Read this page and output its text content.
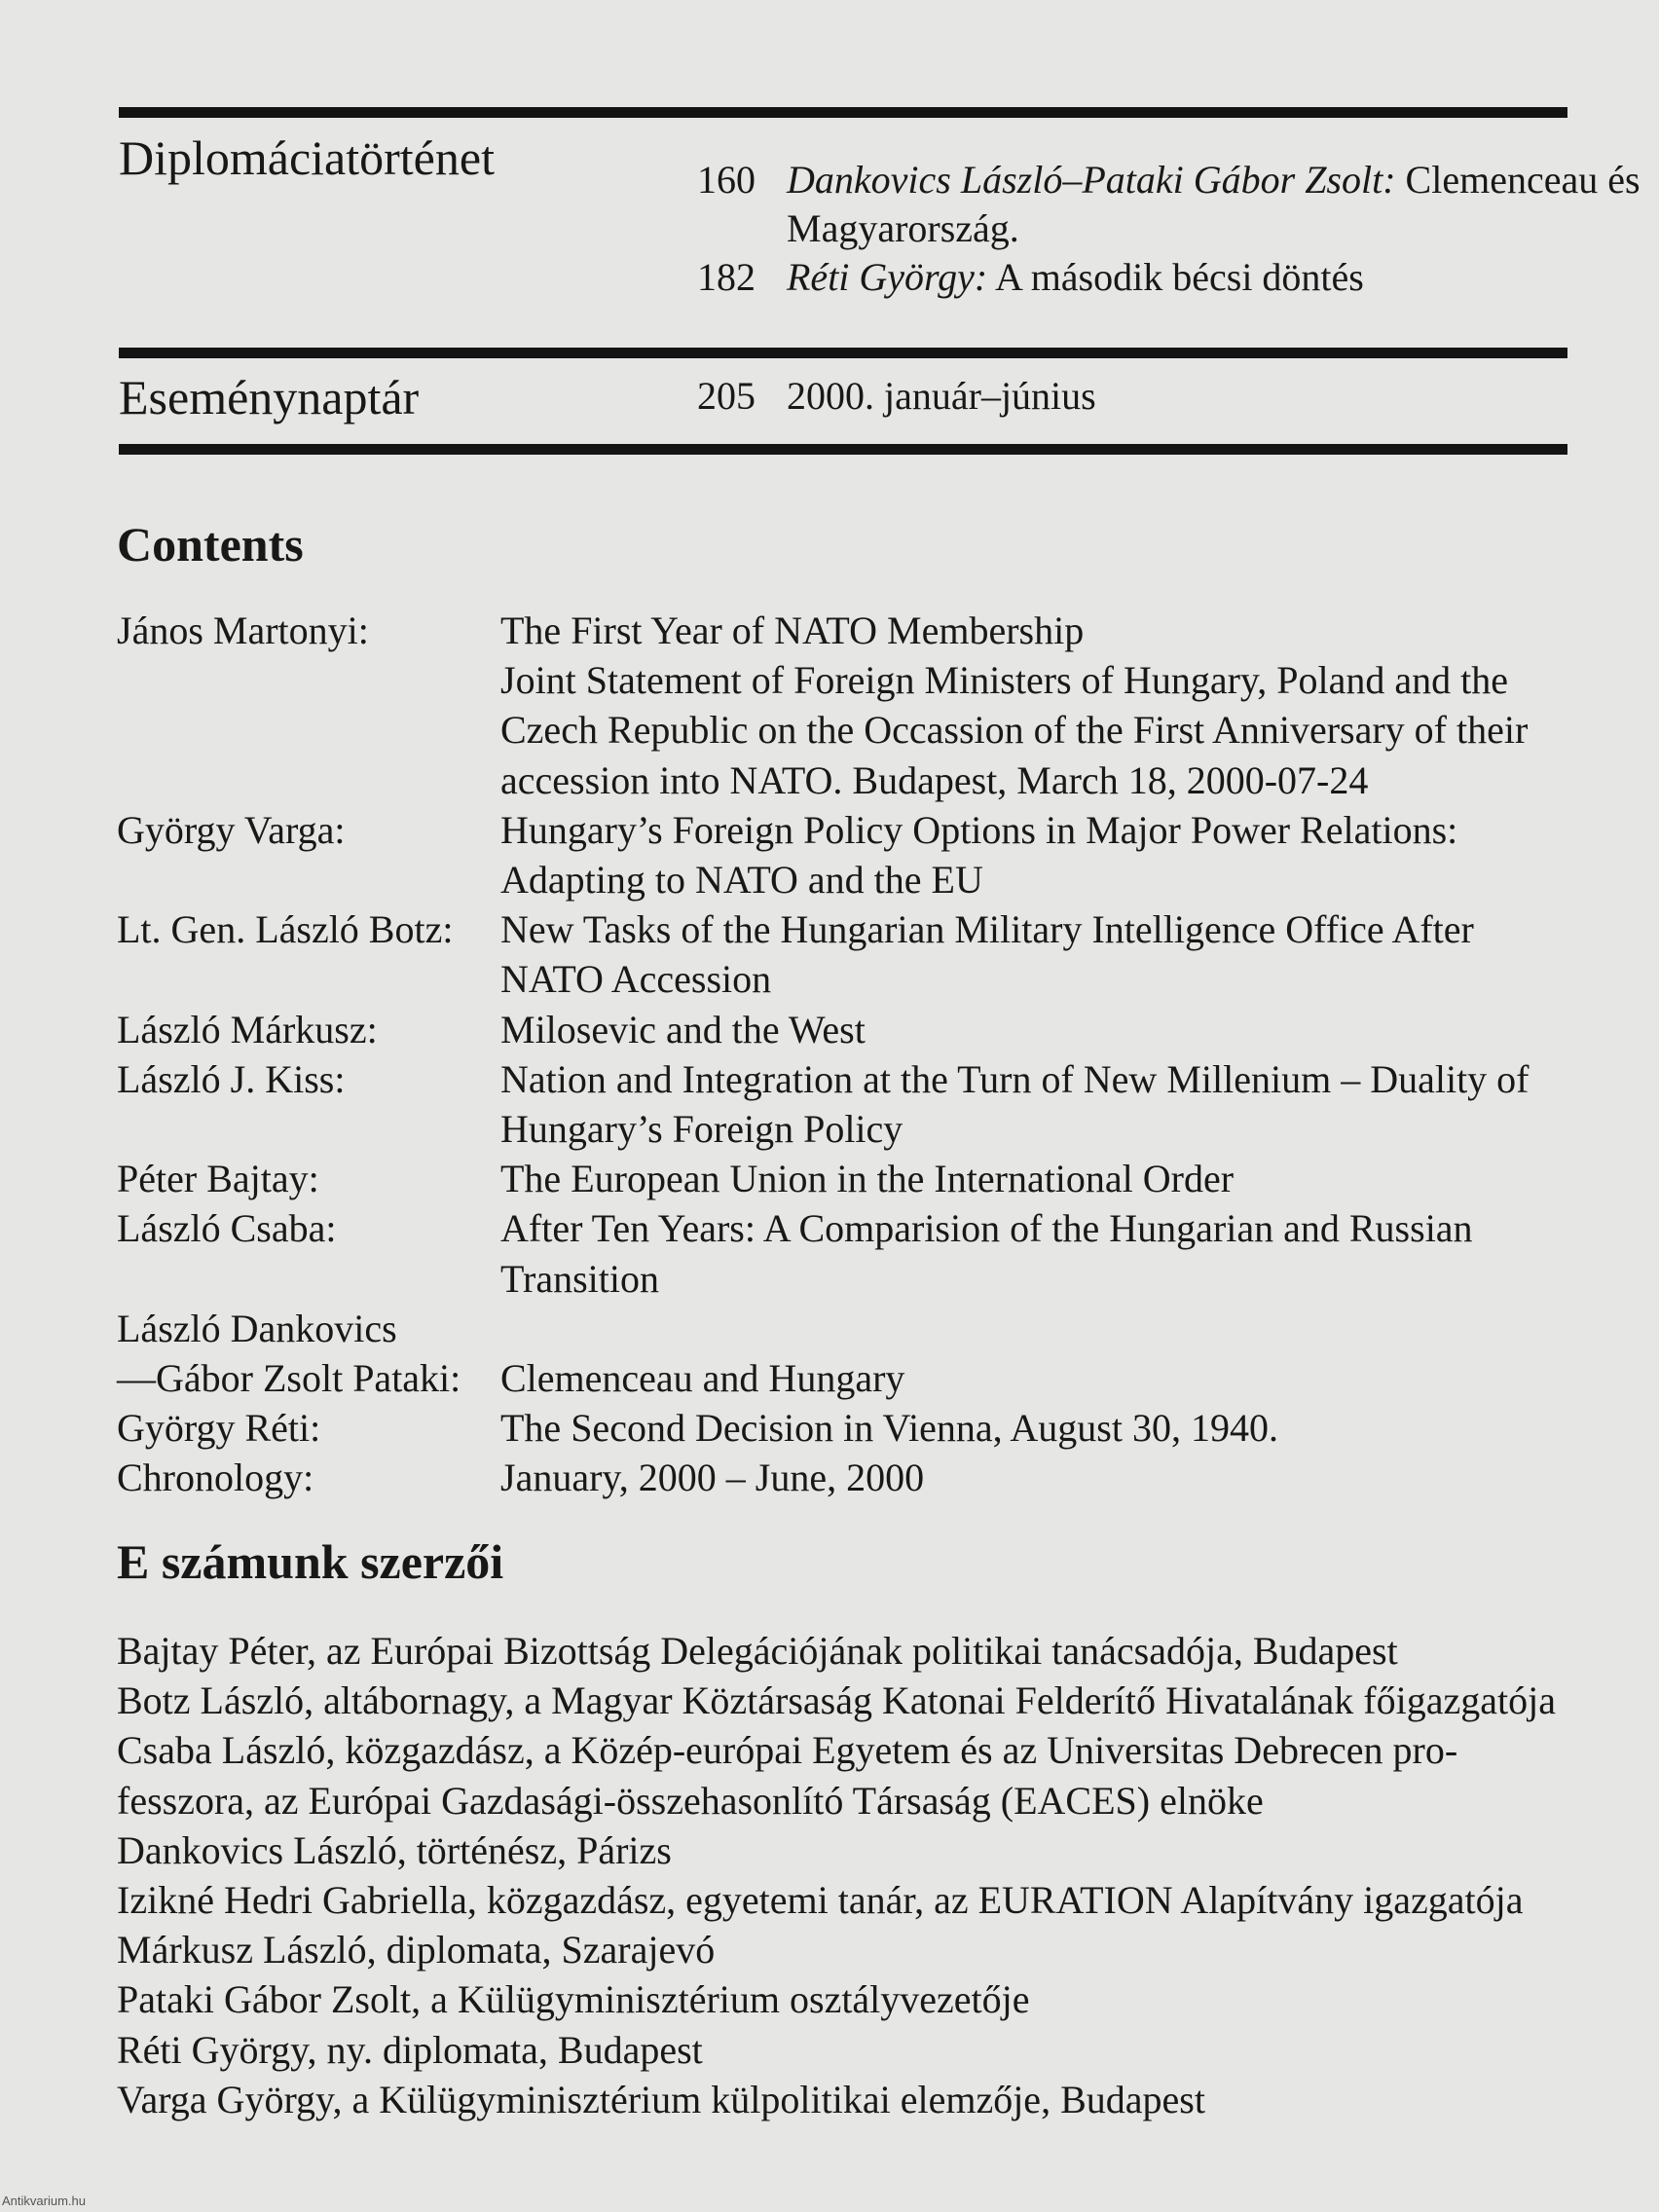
Diplomáciatörténet	160 Dankovics László–Pataki Gábor Zsolt: Clemenceau és Magyarország.
182 Réti György: A második bécsi döntés
Eseménynaptár	205 2000. január–június
Contents
János Martonyi:	The First Year of NATO Membership
Joint Statement of Foreign Ministers of Hungary, Poland and the Czech Republic on the Occassion of the First Anniversary of their accession into NATO. Budapest, March 18, 2000-07-24
György Varga:	Hungary’s Foreign Policy Options in Major Power Relations: Adapting to NATO and the EU
Lt. Gen. László Botz:	New Tasks of the Hungarian Military Intelligence Office After NATO Accession
László Márkusz:	Milosevic and the West
László J. Kiss:	Nation and Integration at the Turn of New Millenium – Duality of Hungary’s Foreign Policy
Péter Bajtay:	The European Union in the International Order
László Csaba:	After Ten Years: A Comparision of the Hungarian and Russian Transition
László Dankovics
—Gábor Zsolt Pataki:	Clemenceau and Hungary
György Réti:	The Second Decision in Vienna, August 30, 1940.
Chronology:	January, 2000 – June, 2000
E számunk szerzői
Bajtay Péter, az Európai Bizottság Delegációjának politikai tanácsadója, Budapest
Botz László, altábornagy, a Magyar Köztársaság Katonai Felderítő Hivatalának főigazgatója
Csaba László, közgazdász, a Közép-európai Egyetem és az Universitas Debrecen pro-
fesszora, az Európai Gazdasági-összehasonlító Társaság (EACES) elnöke
Dankovics László, történész, Párizs
Izikné Hedri Gabriella, közgazdász, egyetemi tanár, az EURATION Alapítvány igazgatója
Márkusz László, diplomata, Szarajevó
Pataki Gábor Zsolt, a Külügyminisztérium osztályvezetője
Réti György, ny. diplomata, Budapest
Varga György, a Külügyminisztérium külpolitikai elemzője, Budapest
Antikvarium.hu
